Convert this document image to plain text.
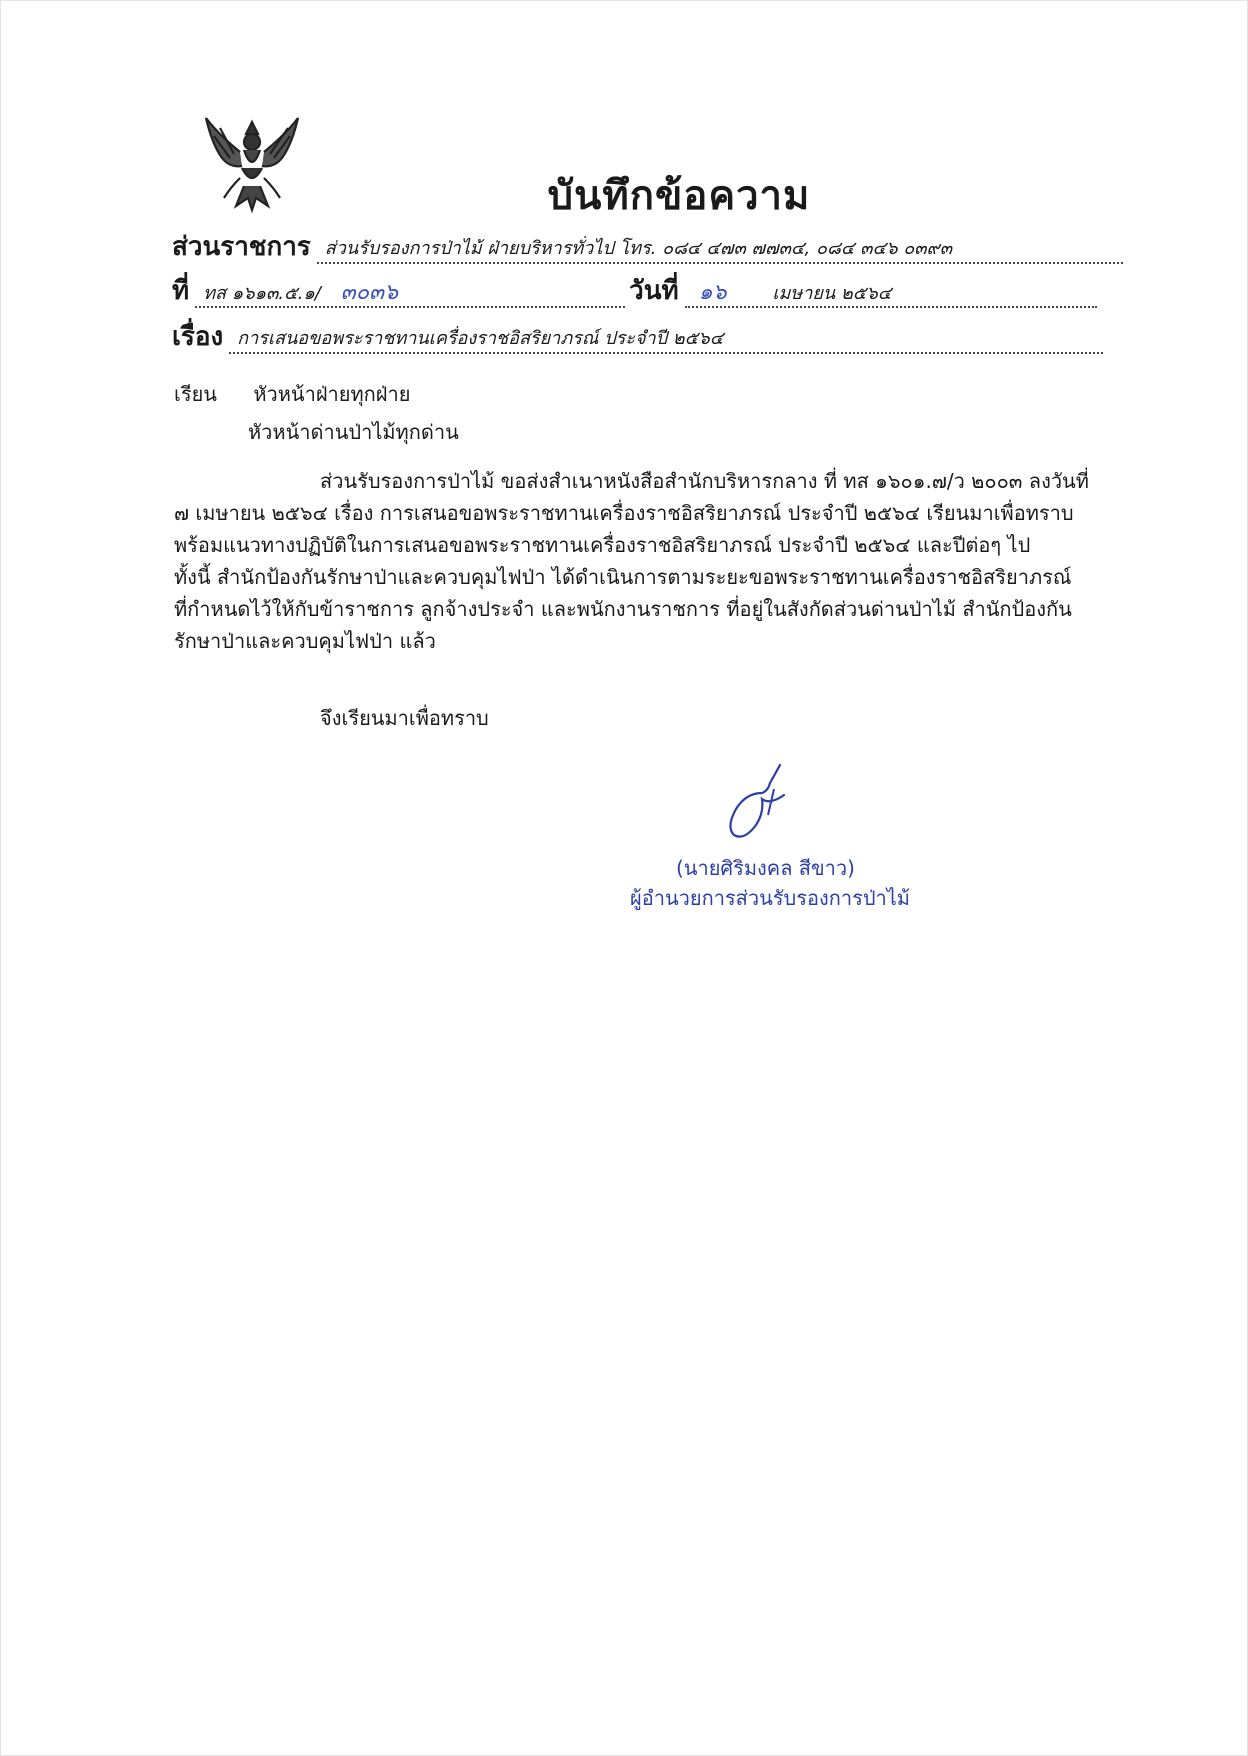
บันทึกข้อความ
ส่วนราชการ ส่วนรับรองการป่าไม้ ฝ่ายบริหารทั่วไป โทร. ๐๘๔ ๔๗๓ ๗๗๓๔, ๐๘๔ ๓๔๖ ๐๓๙๓
ที่ ทส ๑๖๑๓.๕.๑/ ๓๐๓๖	วันที่ ๑๖	เมษายน ๒๕๖๔
เรื่อง การเสนอขอพระราชทานเครื่องราชอิสริยาภรณ์ ประจำปี ๒๕๖๔
เรียน หัวหน้าฝ่ายทุกฝ่าย
หัวหน้าด่านป่าไม้ทุกด่าน
ส่วนรับรองการป่าไม้ ขอส่งสำเนาหนังสือสำนักบริหารกลาง ที่ ทส ๑๖๐๑.๗/ว ๒๐๐๓ ลงวันที่
๗ เมษายน ๒๕๖๔ เรื่อง การเสนอขอพระราชทานเครื่องราชอิสริยาภรณ์ ประจำปี ๒๕๖๔ เรียนมาเพื่อทราบ
พร้อมแนวทางปฏิบัติในการเสนอขอพระราชทานเครื่องราชอิสริยาภรณ์ ประจำปี ๒๕๖๔ และปีต่อๆ ไป
ทั้งนี้ สำนักป้องกันรักษาป่าและควบคุมไฟป่า ได้ดำเนินการตามระยะขอพระราชทานเครื่องราชอิสริยาภรณ์
ที่กำหนดไว้ให้กับข้าราชการ ลูกจ้างประจำ และพนักงานราชการ ที่อยู่ในสังกัดส่วนด่านป่าไม้ สำนักป้องกัน
รักษาป่าและควบคุมไฟป่า แล้ว
จึงเรียนมาเพื่อทราบ
(นายศิริมงคล สีขาว)
ผู้อำนวยการส่วนรับรองการป่าไม้
